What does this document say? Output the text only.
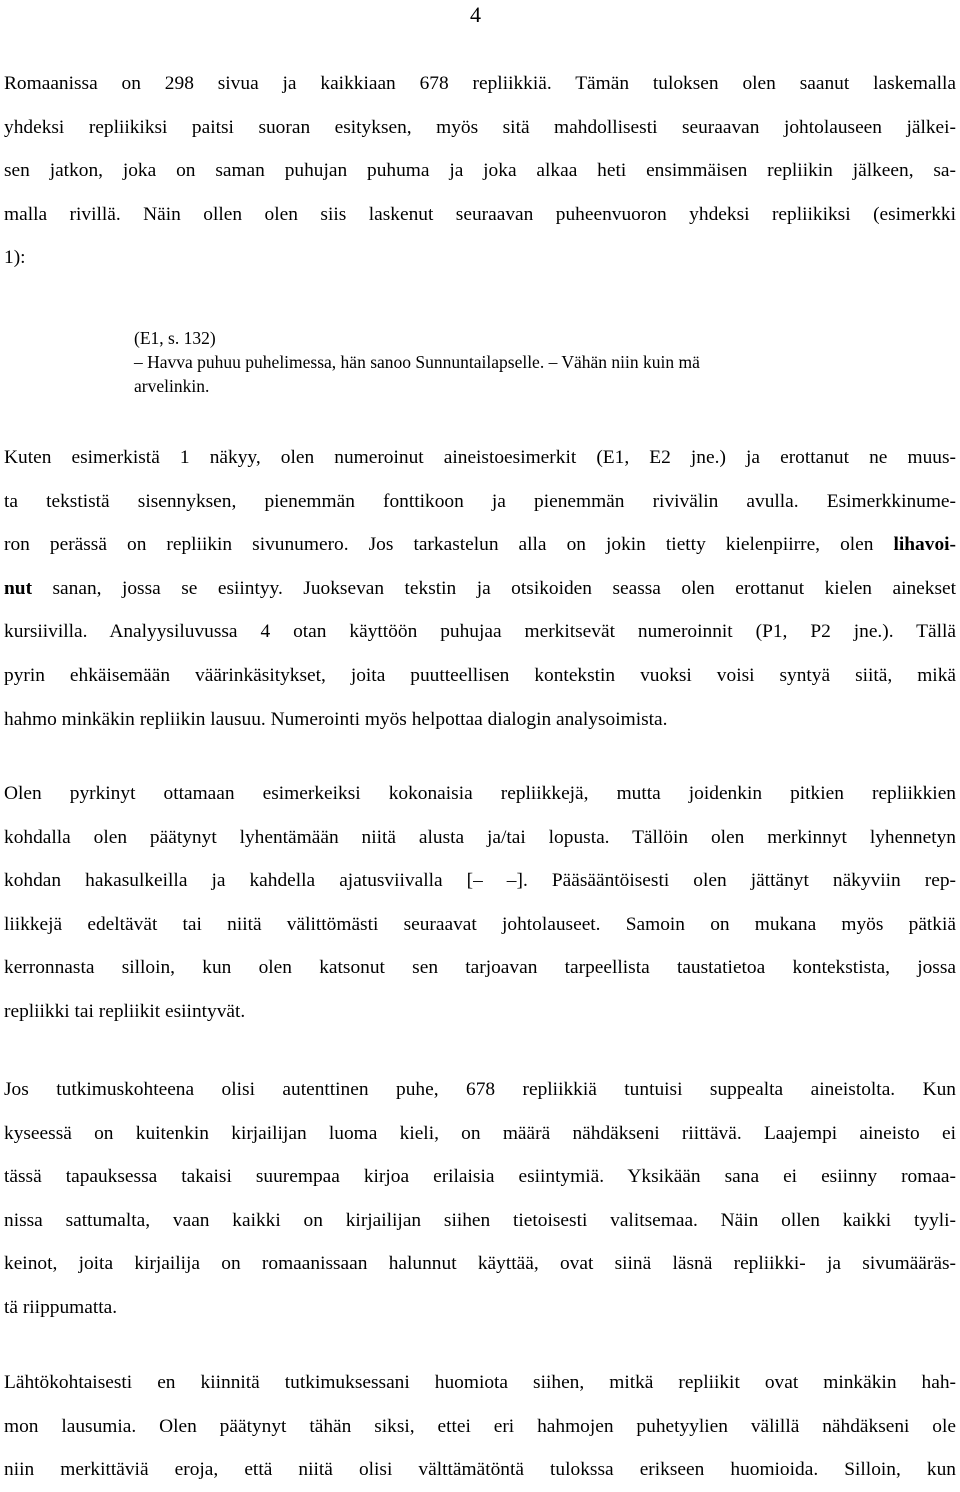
4
Romaanissa on 298 sivua ja kaikkiaan 678 repliikkiä. Tämän tuloksen olen saanut laskemalla
yhdeksi repliikiksi paitsi suoran esityksen, myös sitä mahdollisesti seuraavan johtolauseen jälkei-
sen jatkon, joka on saman puhujan puhuma ja joka alkaa heti ensimmäisen repliikin jälkeen, sa-
malla rivillä. Näin ollen olen siis laskenut seuraavan puheenvuoron yhdeksi repliikiksi (esimerkki
1):
(E1, s. 132)
– Havva puhuu puhelimessa, hän sanoo Sunnuntailapselle. – Vähän niin kuin mä
arvelinkin.
Kuten esimerkistä 1 näkyy, olen numeroinut aineistoesimerkit (E1, E2 jne.) ja erottanut ne muus-
ta tekstistä sisennyksen, pienemmän fonttikoon ja pienemmän rivivälin avulla. Esimerkkinume-
ron perässä on repliikin sivunumero. Jos tarkastelun alla on jokin tietty kielenpiirre, olen lihavoi-
nut sanan, jossa se esiintyy. Juoksevan tekstin ja otsikoiden seassa olen erottanut kielen ainekset
kursiivilla. Analyysiluvussa 4 otan käyttöön puhujaa merkitsevät numeroinnit (P1, P2 jne.). Tällä
pyrin ehkäisemään väärinkäsitykset, joita puutteellisen kontekstin vuoksi voisi syntyä siitä, mikä
hahmo minkäkin repliikin lausuu. Numerointi myös helpottaa dialogin analysoimista.
Olen pyrkinyt ottamaan esimerkeiksi kokonaisia repliikkejä, mutta joidenkin pitkien repliikkien
kohdalla olen päätynyt lyhentämään niitä alusta ja/tai lopusta. Tällöin olen merkinnyt lyhennetyn
kohdan hakasulkeilla ja kahdella ajatusviivalla [– –]. Pääsääntöisesti olen jättänyt näkyviin rep-
liikkejä edeltävät tai niitä välittömästi seuraavat johtolauseet. Samoin on mukana myös pätkiä
kerronnasta silloin, kun olen katsonut sen tarjoavan tarpeellista taustatietoa kontekstista, jossa
repliikki tai repliikit esiintyvät.
Jos tutkimuskohteena olisi autenttinen puhe, 678 repliikkiä tuntuisi suppealta aineistolta. Kun
kyseessä on kuitenkin kirjailijan luoma kieli, on määrä nähdäkseni riittävä. Laajempi aineisto ei
tässä tapauksessa takaisi suurempaa kirjoa erilaisia esiintymiä. Yksikään sana ei esiinny romaa-
nissa sattumalta, vaan kaikki on kirjailijan siihen tietoisesti valitsemaa. Näin ollen kaikki tyyli-
keinot, joita kirjailija on romaanissaan halunnut käyttää, ovat siinä läsnä repliikki- ja sivumääräs-
tä riippumatta.
Lähtökohtaisesti en kiinnitä tutkimuksessani huomiota siihen, mitkä repliikit ovat minkäkin hah-
mon lausumia. Olen päätynyt tähän siksi, ettei eri hahmojen puhetyylien välillä nähdäkseni ole
niin merkittäviä eroja, että niitä olisi välttämätöntä tulokssa erikseen huomioida. Silloin, kun
